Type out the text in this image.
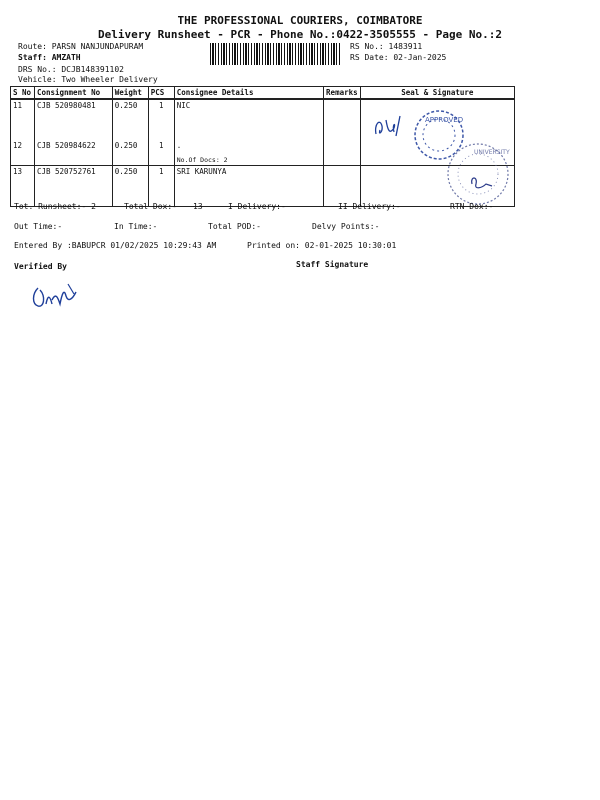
THE PROFESSIONAL COURIERS, COIMBATORE
Delivery Runsheet - PCR - Phone No.:0422-3505555 - Page No.:2
Route: PARSN NANJUNDAPURAM
Staff: AMZATH
DRS No.: DCJB148391102
Vehicle: Two Wheeler Delivery
RS No.: 1483911
RS Date: 02-Jan-2025
S No	Consignment No	Weight	PCS	Consignee Details	Remarks	Seal & Signature
11	CJB 520980481	0.250	1	NIC		
12	CJB 520984622	0.250	1	.
No.Of Docs: 2		

13	CJB 520752761	0.250	1	SRI KARUNYA		
APPROVED
UNIVERSITY
Tot. Runsheet:- 2	Total Dox:- 13	I Delivery:-	II Delivery:-	RTN Dox:-
Out Time:-	In Time:-	Total POD:-	Delvy Points:-
Entered By :BABUPCR 01/02/2025 10:29:43 AM	Printed on: 02-01-2025 10:30:01
Verified By	Staff Signature
